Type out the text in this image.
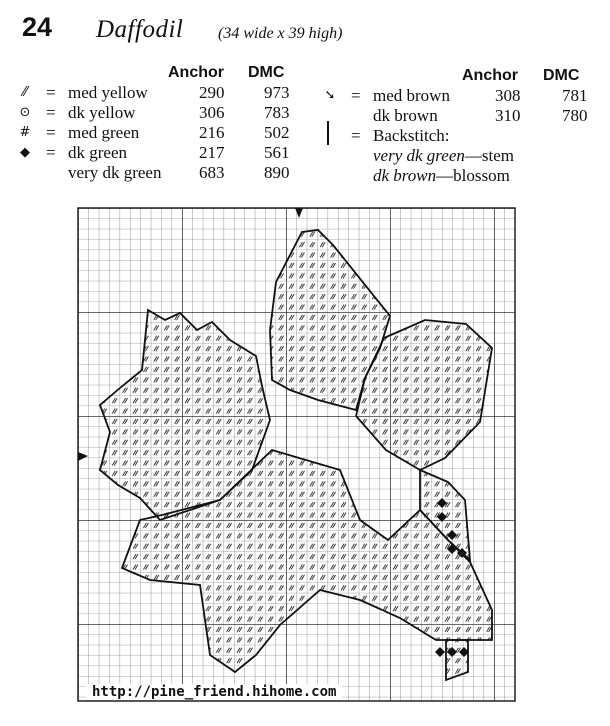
24 Daffodil (34 wide x 39 high)
Anchor DMC
⁄⁄ = med yellow	290 973
⊙ = dk yellow	306 783
# = med green	216 502
◆ = dk green	217 561
very dk green 683 890
Anchor DMC
➘ = med brown	308 781
dk brown	310 780
= Backstitch:
very dk green—stem
dk brown—blossom
http://pine_friend.hihome.com
